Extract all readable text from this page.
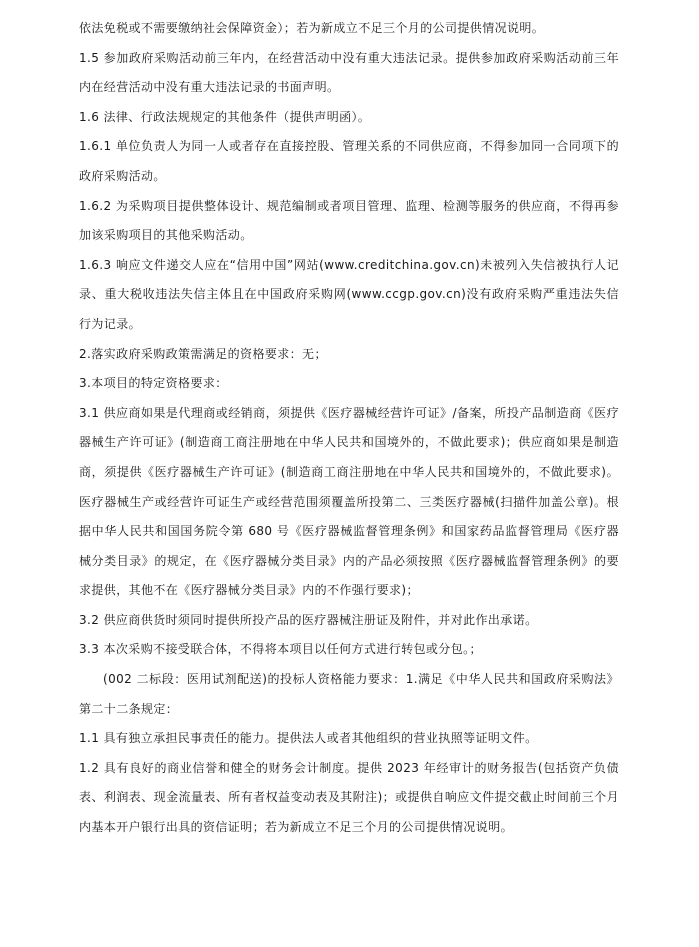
依法免税或不需要缴纳社会保障资金）；若为新成立不足三个月的公司提供情况说明。

1.5 参加政府采购活动前三年内，在经营活动中没有重大违法记录。提供参加政府采购活动前三年内在经营活动中没有重大违法记录的书面声明。

1.6 法律、行政法规规定的其他条件（提供声明函）。

1.6.1 单位负责人为同一人或者存在直接控股、管理关系的不同供应商，不得参加同一合同项下的政府采购活动。

1.6.2 为采购项目提供整体设计、规范编制或者项目管理、监理、检测等服务的供应商，不得再参加该采购项目的其他采购活动。

1.6.3 响应文件递交人应在“信用中国”网站(www.creditchina.gov.cn)未被列入失信被执行人记录、重大税收违法失信主体且在中国政府采购网(www.ccgp.gov.cn)没有政府采购严重违法失信行为记录。

2.落实政府采购政策需满足的资格要求：无；

3.本项目的特定资格要求：

3.1 供应商如果是代理商或经销商，须提供《医疗器械经营许可证》/备案，所投产品制造商《医疗器械生产许可证》(制造商工商注册地在中华人民共和国境外的，不做此要求)；供应商如果是制造商，须提供《医疗器械生产许可证》(制造商工商注册地在中华人民共和国境外的，不做此要求)。医疗器械生产或经营许可证生产或经营范围须覆盖所投第二、三类医疗器械(扫描件加盖公章)。根据中华人民共和国国务院令第 680 号《医疗器械监督管理条例》和国家药品监督管理局《医疗器械分类目录》的规定，在《医疗器械分类目录》内的产品必须按照《医疗器械监督管理条例》的要求提供，其他不在《医疗器械分类目录》内的不作强行要求)；

3.2 供应商供货时须同时提供所投产品的医疗器械注册证及附件，并对此作出承诺。

3.3 本次采购不接受联合体，不得将本项目以任何方式进行转包或分包。；

(002 二标段：医用试剂配送)的投标人资格能力要求：1.满足《中华人民共和国政府采购法》第二十二条规定：

1.1 具有独立承担民事责任的能力。提供法人或者其他组织的营业执照等证明文件。

1.2 具有良好的商业信誉和健全的财务会计制度。提供 2023 年经审计的财务报告(包括资产负债表、利润表、现金流量表、所有者权益变动表及其附注)；或提供自响应文件提交截止时间前三个月内基本开户银行出具的资信证明；若为新成立不足三个月的公司提供情况说明。
